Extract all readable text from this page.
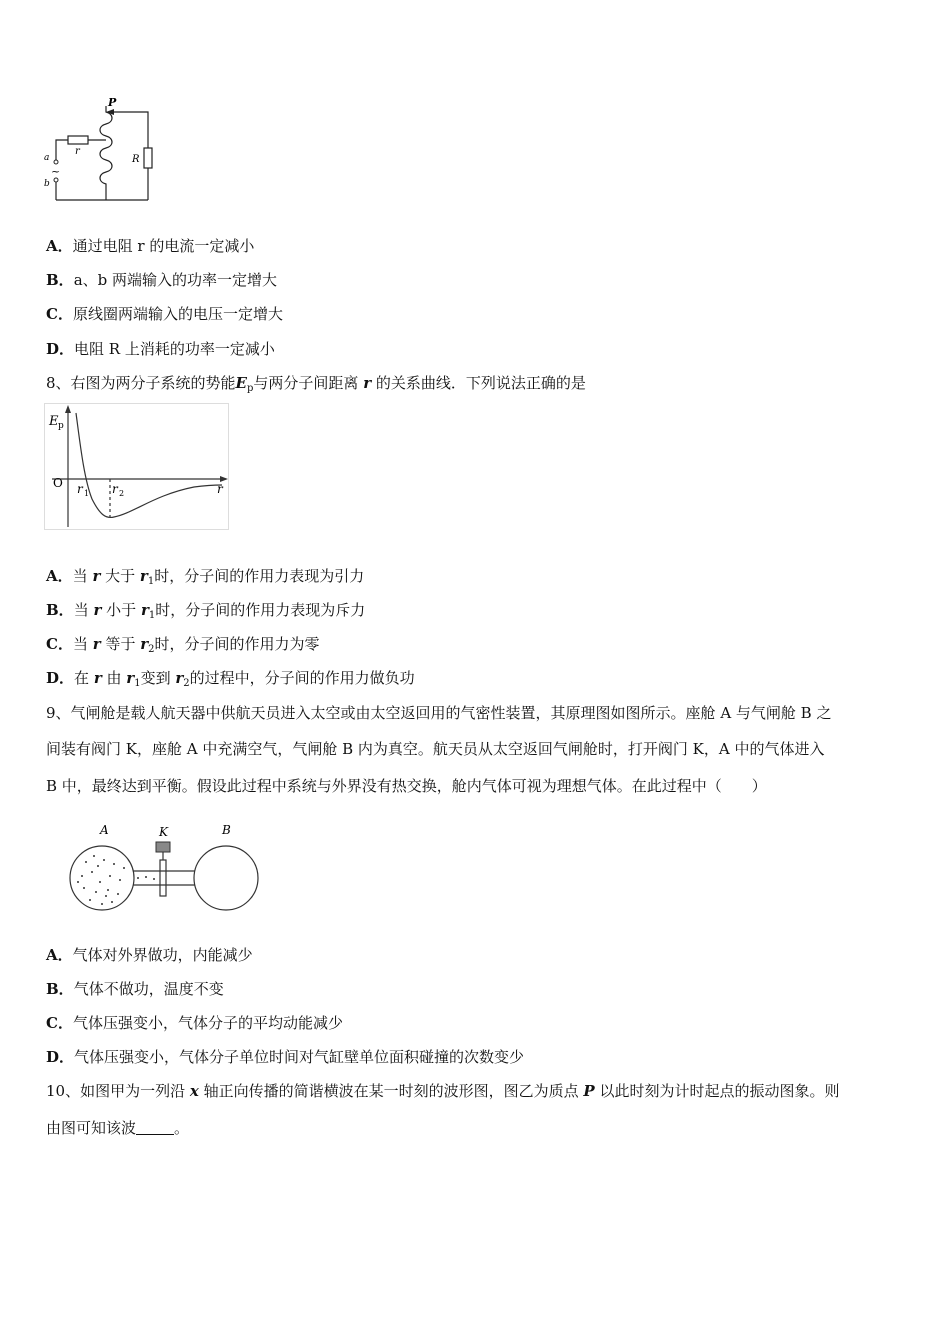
P
r
R
a
b
~
A．通过电阻 r 的电流一定减小
B．a、b 两端输入的功率一定增大
C．原线圈两端输入的电压一定增大
D．电阻 R 上消耗的功率一定减小
8、右图为两分子系统的势能$E_p$与两分子间距离 r 的关系曲线．下列说法正确的是
E p
O	r
r 1 r 2
A．当 r 大于 $r_1$时，分子间的作用力表现为引力
B．当 r 小于 $r_1$时，分子间的作用力表现为斥力
C．当 r 等于 $r_2$时，分子间的作用力为零
D．在 r 由 $r_1$变到 $r_2$的过程中，分子间的作用力做负功
9、气闸舱是载人航天器中供航天员进入太空或由太空返回用的气密性装置，其原理图如图所示。座舱 A 与气闸舱 B 之
间装有阀门 K，座舱 A 中充满空气，气闸舱 B 内为真空。航天员从太空返回气闸舱时，打开阀门 K，A 中的气体进入
B 中，最终达到平衡。假设此过程中系统与外界没有热交换，舱内气体可视为理想气体。在此过程中（　　）
A	K	B
A．气体对外界做功，内能减少
B．气体不做功，温度不变
C．气体压强变小，气体分子的平均动能减少
D．气体压强变小，气体分子单位时间对气缸壁单位面积碰撞的次数变少
10、如图甲为一列沿 x 轴正向传播的简谐横波在某一时刻的波形图，图乙为质点 P 以此时刻为计时起点的振动图象。则
由图可知该波	。
